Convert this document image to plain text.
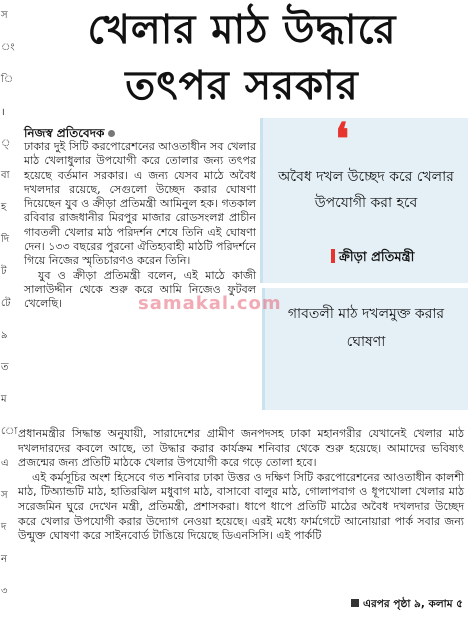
স
ং
ি
।
্
বা
হ
দি
ট
টে
৯
ত
ম
ো
এ
স
দ
ন
৩
খেলার মাঠ উদ্ধারে
তৎপর সরকার
নিজস্ব প্রতিবেদক

ঢাকার দুই সিটি করপোরেশনের আওতাধীন সব খেলার মাঠ খেলাধুলার উপযোগী করে তোলার জন্য তৎপর হয়েছে বর্তমান সরকার। এ জন্য যেসব মাঠে অবৈধ দখলদার রয়েছে, সেগুলো উচ্ছেদ করার ঘোষণা দিয়েছেন যুব ও ক্রীড়া প্রতিমন্ত্রী আমিনুল হক। গতকাল রবিবার রাজধানীর মিরপুর মাজার রোডসংলগ্ন প্রাচীন গাবতলী খেলার মাঠ পরিদর্শন শেষে তিনি এই ঘোষণা দেন। ১৩৩ বছরের পুরনো ঐতিহ্যবাহী মাঠটি পরিদর্শনে গিয়ে নিজের স্মৃতিচারণও করেন তিনি।

যুব ও ক্রীড়া প্রতিমন্ত্রী বলেন, এই মাঠে কাজী সালাউদ্দীন থেকে শুরু করে আমি নিজেও ফুটবল খেলেছি।

❛
অবৈধ দখল উচ্ছেদ করে খেলার উপযোগী করা হবে
ক্রীড়া প্রতিমন্ত্রী
গাবতলী মাঠ দখলমুক্ত করার ঘোষণা
samakal.com

প্রধানমন্ত্রীর সিদ্ধান্ত অনুযায়ী, সারাদেশের গ্রামীণ জনপদসহ ঢাকা মহানগরীর যেখানেই খেলার মাঠ দখলদারদের কবলে আছে, তা উদ্ধার করার কার্যক্রম শনিবার থেকে শুরু হয়েছে। আমাদের ভবিষ্যৎ প্রজন্মের জন্য প্রতিটি মাঠকে খেলার উপযোগী করে গড়ে তোলা হবে।

এই কর্মসূচির অংশ হিসেবে গত শনিবার ঢাকা উত্তর ও দক্ষিণ সিটি করপোরেশনের আওতাধীন কালশী মাঠ, টিঅ্যান্ডটি মাঠ, হাতিরঝিল মধুবাগ মাঠ, বাসাবো বালুর মাঠ, গোলাপবাগ ও ধূপখোলা খেলার মাঠ সরেজমিন ঘুরে দেখেন মন্ত্রী, প্রতিমন্ত্রী, প্রশাসকরা। ধাপে ধাপে প্রতিটি মাঠের অবৈধ দখলদার উচ্ছেদ করে খেলার উপযোগী করার উদ্যোগ নেওয়া হয়েছে। এরই মধ্যে ফার্মগেটে আনোয়ারা পার্ক সবার জন্য উন্মুক্ত ঘোষণা করে সাইনবোর্ড টাঙিয়ে দিয়েছে ডিএনসিসি। এই পার্কটি

এরপর পৃষ্ঠা ৯, কলাম ৫
